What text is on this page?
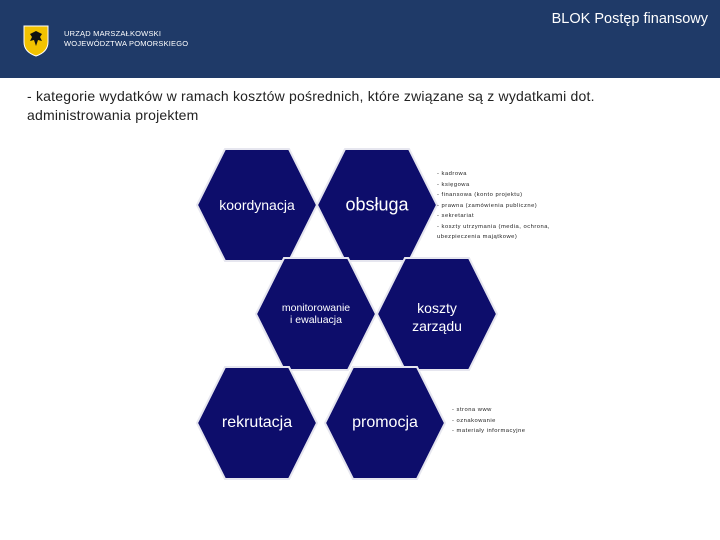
URZĄD MARSZAŁKOWSKI
WOJEWÓDZTWA POMORSKIEGO
BLOK Postęp finansowy
- kategorie wydatków w ramach kosztów pośrednich, które związane są z wydatkami dot. administrowania projektem
koordynacja	obsługa
monitorowanie
i ewaluacja
koszty
zarządu
rekrutacja	promocja
- kadrowa
- księgowa
- finansowa (konto projektu)
- prawna (zamówienia publiczne)
- sekretariat
- koszty utrzymania (media, ochrona,
ubezpieczenia majątkowe)
- strona www
- oznakowanie
- materiały informacyjne
